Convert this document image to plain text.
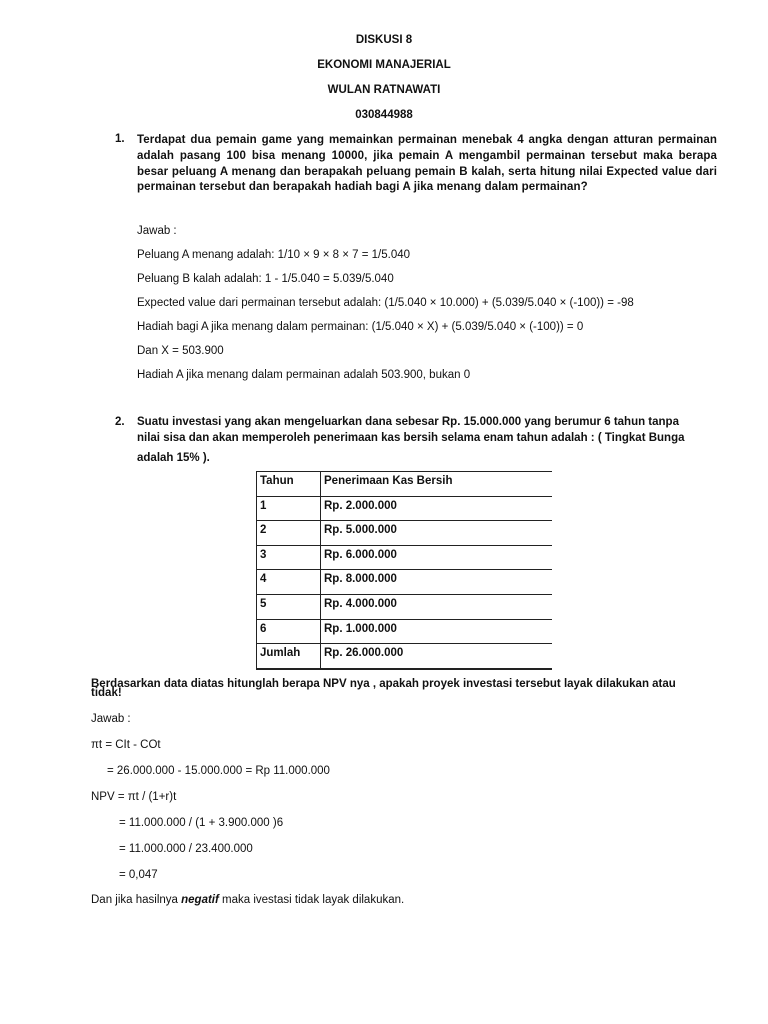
DISKUSI 8
EKONOMI MANAJERIAL
WULAN RATNAWATI
030844988
1. Terdapat dua pemain game yang memainkan permainan menebak 4 angka dengan atturan permainan adalah pasang 100 bisa menang 10000, jika pemain A mengambil permainan tersebut maka berapa besar peluang A menang dan berapakah peluang pemain B kalah, serta hitung nilai Expected value dari permainan tersebut dan berapakah hadiah bagi A jika menang dalam permainan?
Jawab :
Peluang A menang adalah: 1/10 × 9 × 8 × 7 = 1/5.040
Peluang B kalah adalah: 1 - 1/5.040 = 5.039/5.040
Expected value dari permainan tersebut adalah: (1/5.040 × 10.000) + (5.039/5.040 × (-100)) = -98
Hadiah bagi A jika menang dalam permainan: (1/5.040 × X) + (5.039/5.040 × (-100)) = 0
Dan X = 503.900
Hadiah A jika menang dalam permainan adalah 503.900, bukan 0
2. Suatu investasi yang akan mengeluarkan dana sebesar Rp. 15.000.000 yang berumur 6 tahun tanpa
nilai sisa dan akan memperoleh penerimaan kas bersih selama enam tahun adalah : ( Tingkat Bunga
adalah 15% ).
Tahun	Penerimaan Kas Bersih
1	Rp. 2.000.000
2	Rp. 5.000.000
3	Rp. 6.000.000
4	Rp. 8.000.000
5	Rp. 4.000.000
6	Rp. 1.000.000
Jumlah	Rp. 26.000.000
Berdasarkan data diatas hitunglah berapa NPV nya , apakah proyek investasi tersebut layak dilakukan atau
tidak!
Jawab :
πt = CIt - COt
= 26.000.000 - 15.000.000 = Rp 11.000.000
NPV = πt / (1+r)t
= 11.000.000 / (1 + 3.900.000 )6
= 11.000.000 / 23.400.000
= 0,047
Dan jika hasilnya negatif maka ivestasi tidak layak dilakukan.
